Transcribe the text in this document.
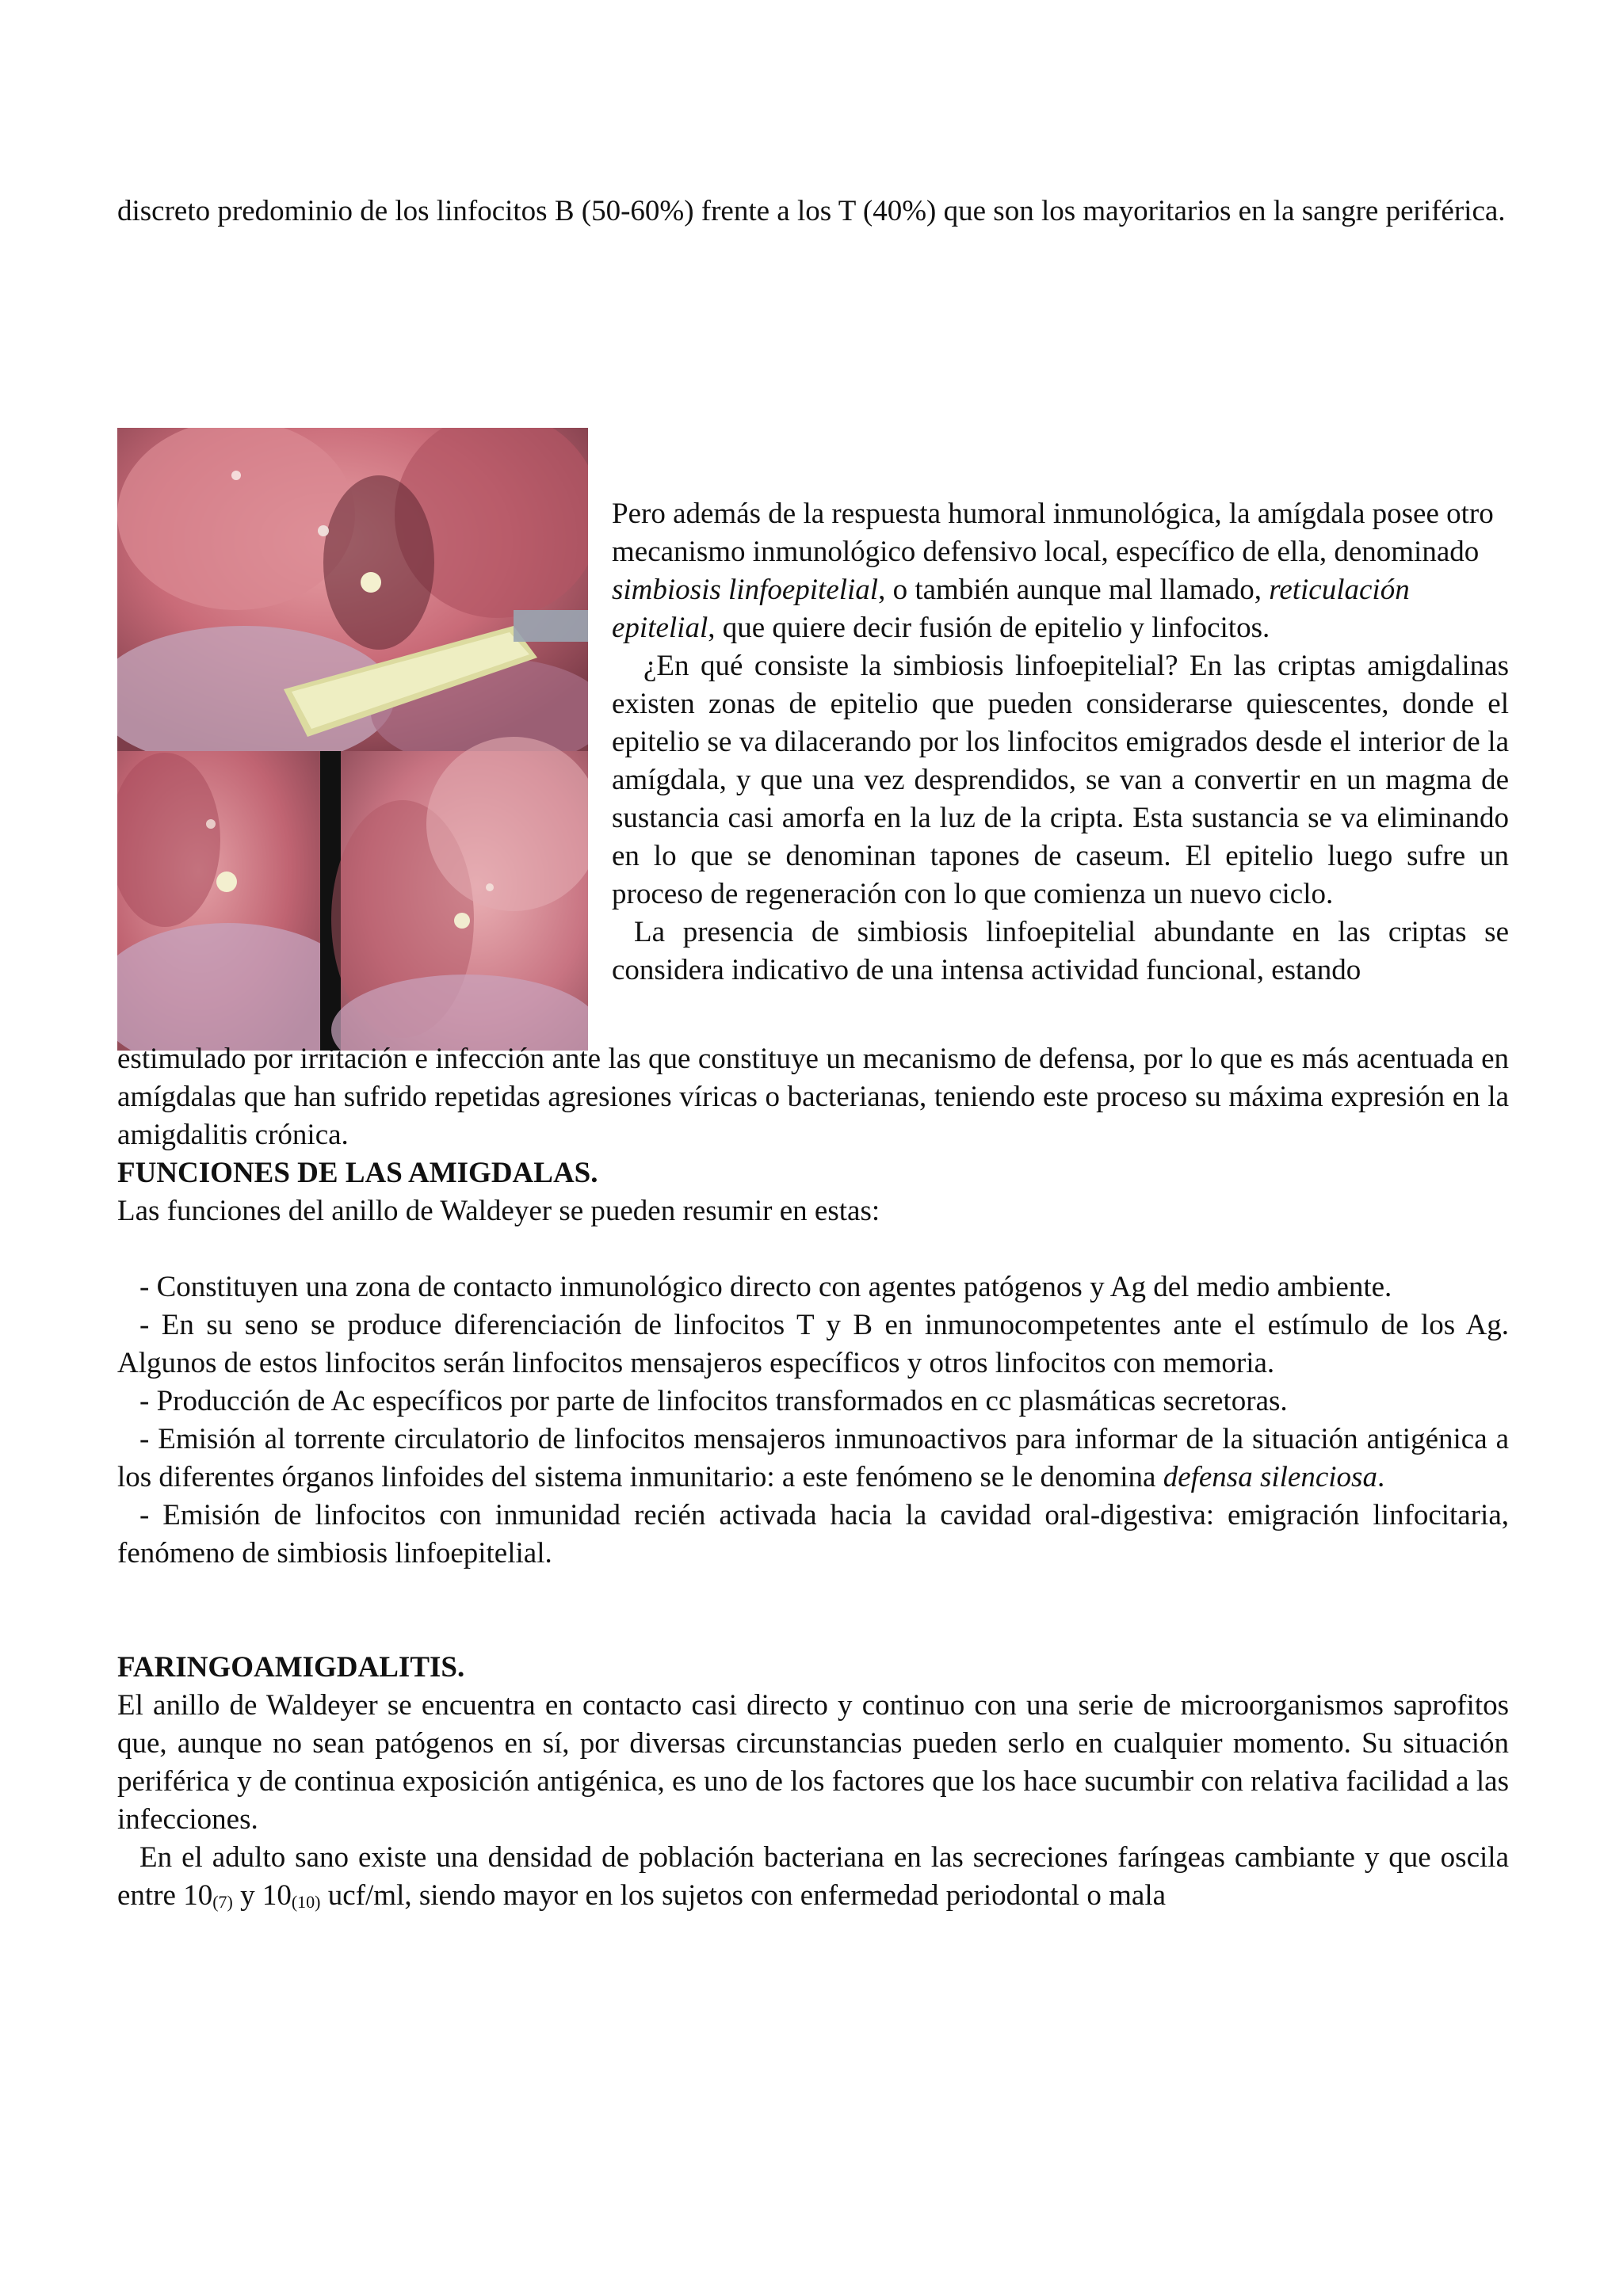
discreto predominio de los linfocitos B (50-60%) frente a los T (40%) que son los mayoritarios en la sangre periférica.

Pero además de la respuesta humoral inmunológica, la amígdala posee otro mecanismo inmunológico defensivo local, específico de ella, denominado simbiosis linfoepitelial, o también aunque mal llamado, reticulación epitelial, que quiere decir fusión de epitelio y linfocitos.

¿En qué consiste la simbiosis linfoepitelial? En las criptas amigdalinas existen zonas de epitelio que pueden considerarse quiescentes, donde el epitelio se va dilacerando por los linfocitos emigrados desde el interior de la amígdala, y que una vez desprendidos, se van a convertir en un magma de sustancia casi amorfa en la luz de la cripta. Esta sustancia se va eliminando en lo que se denominan tapones de caseum. El epitelio luego sufre un proceso de regeneración con lo que comienza un nuevo ciclo.

La presencia de simbiosis linfoepitelial abundante en las criptas se considera indicativo de una intensa actividad funcional, estando

estimulado por irritación e infección ante las que constituye un mecanismo de defensa, por lo que es más acentuada en amígdalas que han sufrido repetidas agresiones víricas o bacterianas, teniendo este proceso su máxima expresión en la amigdalitis crónica.

FUNCIONES DE LAS AMIGDALAS.

Las funciones del anillo de Waldeyer se pueden resumir en estas:

- Constituyen una zona de contacto inmunológico directo con agentes patógenos y Ag del medio ambiente.

- En su seno se produce diferenciación de linfocitos T y B en inmunocompetentes ante el estímulo de los Ag. Algunos de estos linfocitos serán linfocitos mensajeros específicos y otros linfocitos con memoria.

- Producción de Ac específicos por parte de linfocitos transformados en cc plasmáticas secretoras.

- Emisión al torrente circulatorio de linfocitos mensajeros inmunoactivos para informar de la situación antigénica a los diferentes órganos linfoides del sistema inmunitario: a este fenómeno se le denomina defensa silenciosa.

- Emisión de linfocitos con inmunidad recién activada hacia la cavidad oral-digestiva: emigración linfocitaria, fenómeno de simbiosis linfoepitelial.

FARINGOAMIGDALITIS.

El anillo de Waldeyer se encuentra en contacto casi directo y continuo con una serie de microorganismos saprofitos que, aunque no sean patógenos en sí, por diversas circunstancias pueden serlo en cualquier momento. Su situación periférica y de continua exposición antigénica, es uno de los factores que los hace sucumbir con relativa facilidad a las infecciones.

En el adulto sano existe una densidad de población bacteriana en las secreciones faríngeas cambiante y que oscila entre $10_{(7)}$ y $10_{(10)}$ ucf/ml, siendo mayor en los sujetos con enfermedad periodontal o mala
